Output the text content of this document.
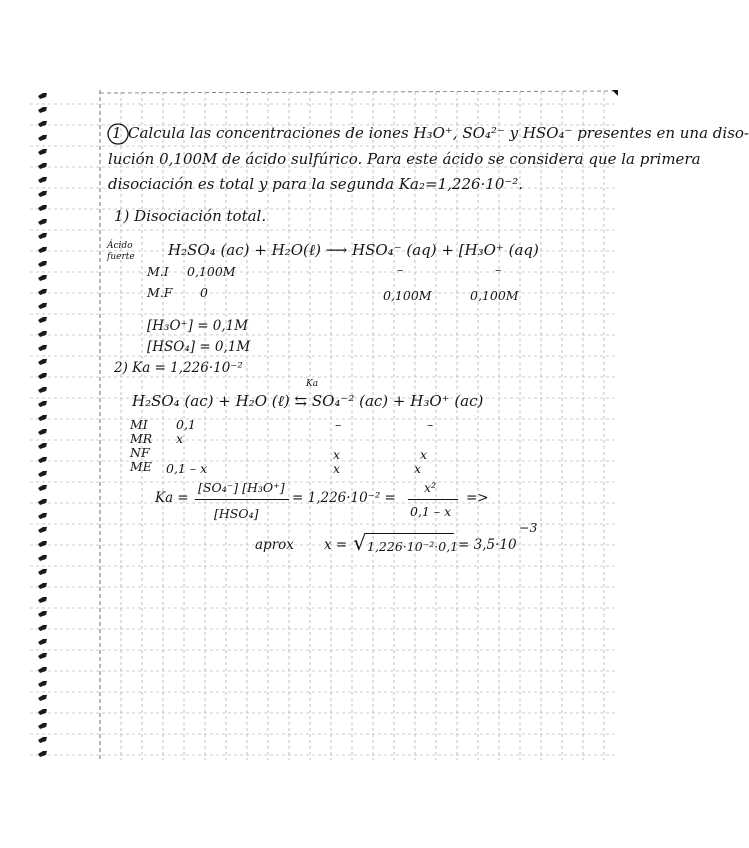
1 Calcula las concentraciones de iones H₃O⁺, SO₄²⁻ y HSO₄⁻ presentes en una diso-
lución 0,100M de ácido sulfúrico. Para este ácido se considera que la primera
disociación es total y para la segunda Ka₂=1,226·10⁻².
1) Disociación total.
Ácido
fuerte H₂SO₄ (ac) + H₂O(ℓ) ⟶ HSO₄⁻ (aq) + [H₃O⁺ (aq)
M.I 0,100M	–	–
M.F 0	0,100M	0,100M
[H₃O⁺] = 0,1M
[HSO₄] = 0,1M
2) Ka = 1,226·10⁻²
Ka
H₂SO₄ (ac) + H₂O (ℓ) ⇆ SO₄⁻² (ac) + H₃O⁺ (ac)
MI 0,1	–	–
MR x
NF	x	x
ME 0,1 – x	x	x
Ka =
[SO₄⁻] [H₃O⁺]
[HSO₄]
= 1,226·10⁻² =
x²
0,1 – x
=>
aprox x = √ 1,226·10⁻²·0,1 = 3,5·10
−3
